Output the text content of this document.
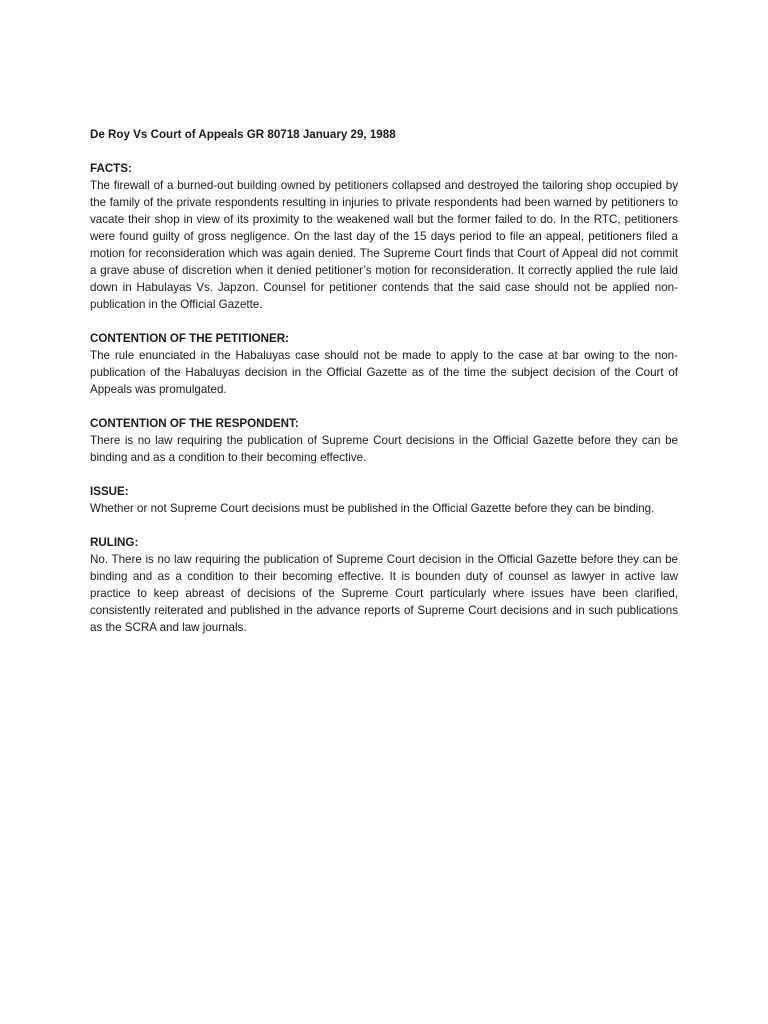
De Roy Vs Court of Appeals GR 80718 January 29, 1988

FACTS:

The firewall of a burned-out building owned by petitioners collapsed and destroyed the tailoring shop occupied by the family of the private respondents resulting in injuries to private respondents had been warned by petitioners to vacate their shop in view of its proximity to the weakened wall but the former failed to do. In the RTC, petitioners were found guilty of gross negligence. On the last day of the 15 days period to file an appeal, petitioners filed a motion for reconsideration which was again denied. The Supreme Court finds that Court of Appeal did not commit a grave abuse of discretion when it denied petitioner’s motion for reconsideration. It correctly applied the rule laid down in Habulayas Vs. Japzon. Counsel for petitioner contends that the said case should not be applied non-publication in the Official Gazette.

CONTENTION OF THE PETITIONER:

The rule enunciated in the Habaluyas case should not be made to apply to the case at bar owing to the non-publication of the Habaluyas decision in the Official Gazette as of the time the subject decision of the Court of Appeals was promulgated.

CONTENTION OF THE RESPONDENT:

There is no law requiring the publication of Supreme Court decisions in the Official Gazette before they can be binding and as a condition to their becoming effective.

ISSUE:

Whether or not Supreme Court decisions must be published in the Official Gazette before they can be binding.

RULING:

No. There is no law requiring the publication of Supreme Court decision in the Official Gazette before they can be binding and as a condition to their becoming effective. It is bounden duty of counsel as lawyer in active law practice to keep abreast of decisions of the Supreme Court particularly where issues have been clarified, consistently reiterated and published in the advance reports of Supreme Court decisions and in such publications as the SCRA and law journals.
